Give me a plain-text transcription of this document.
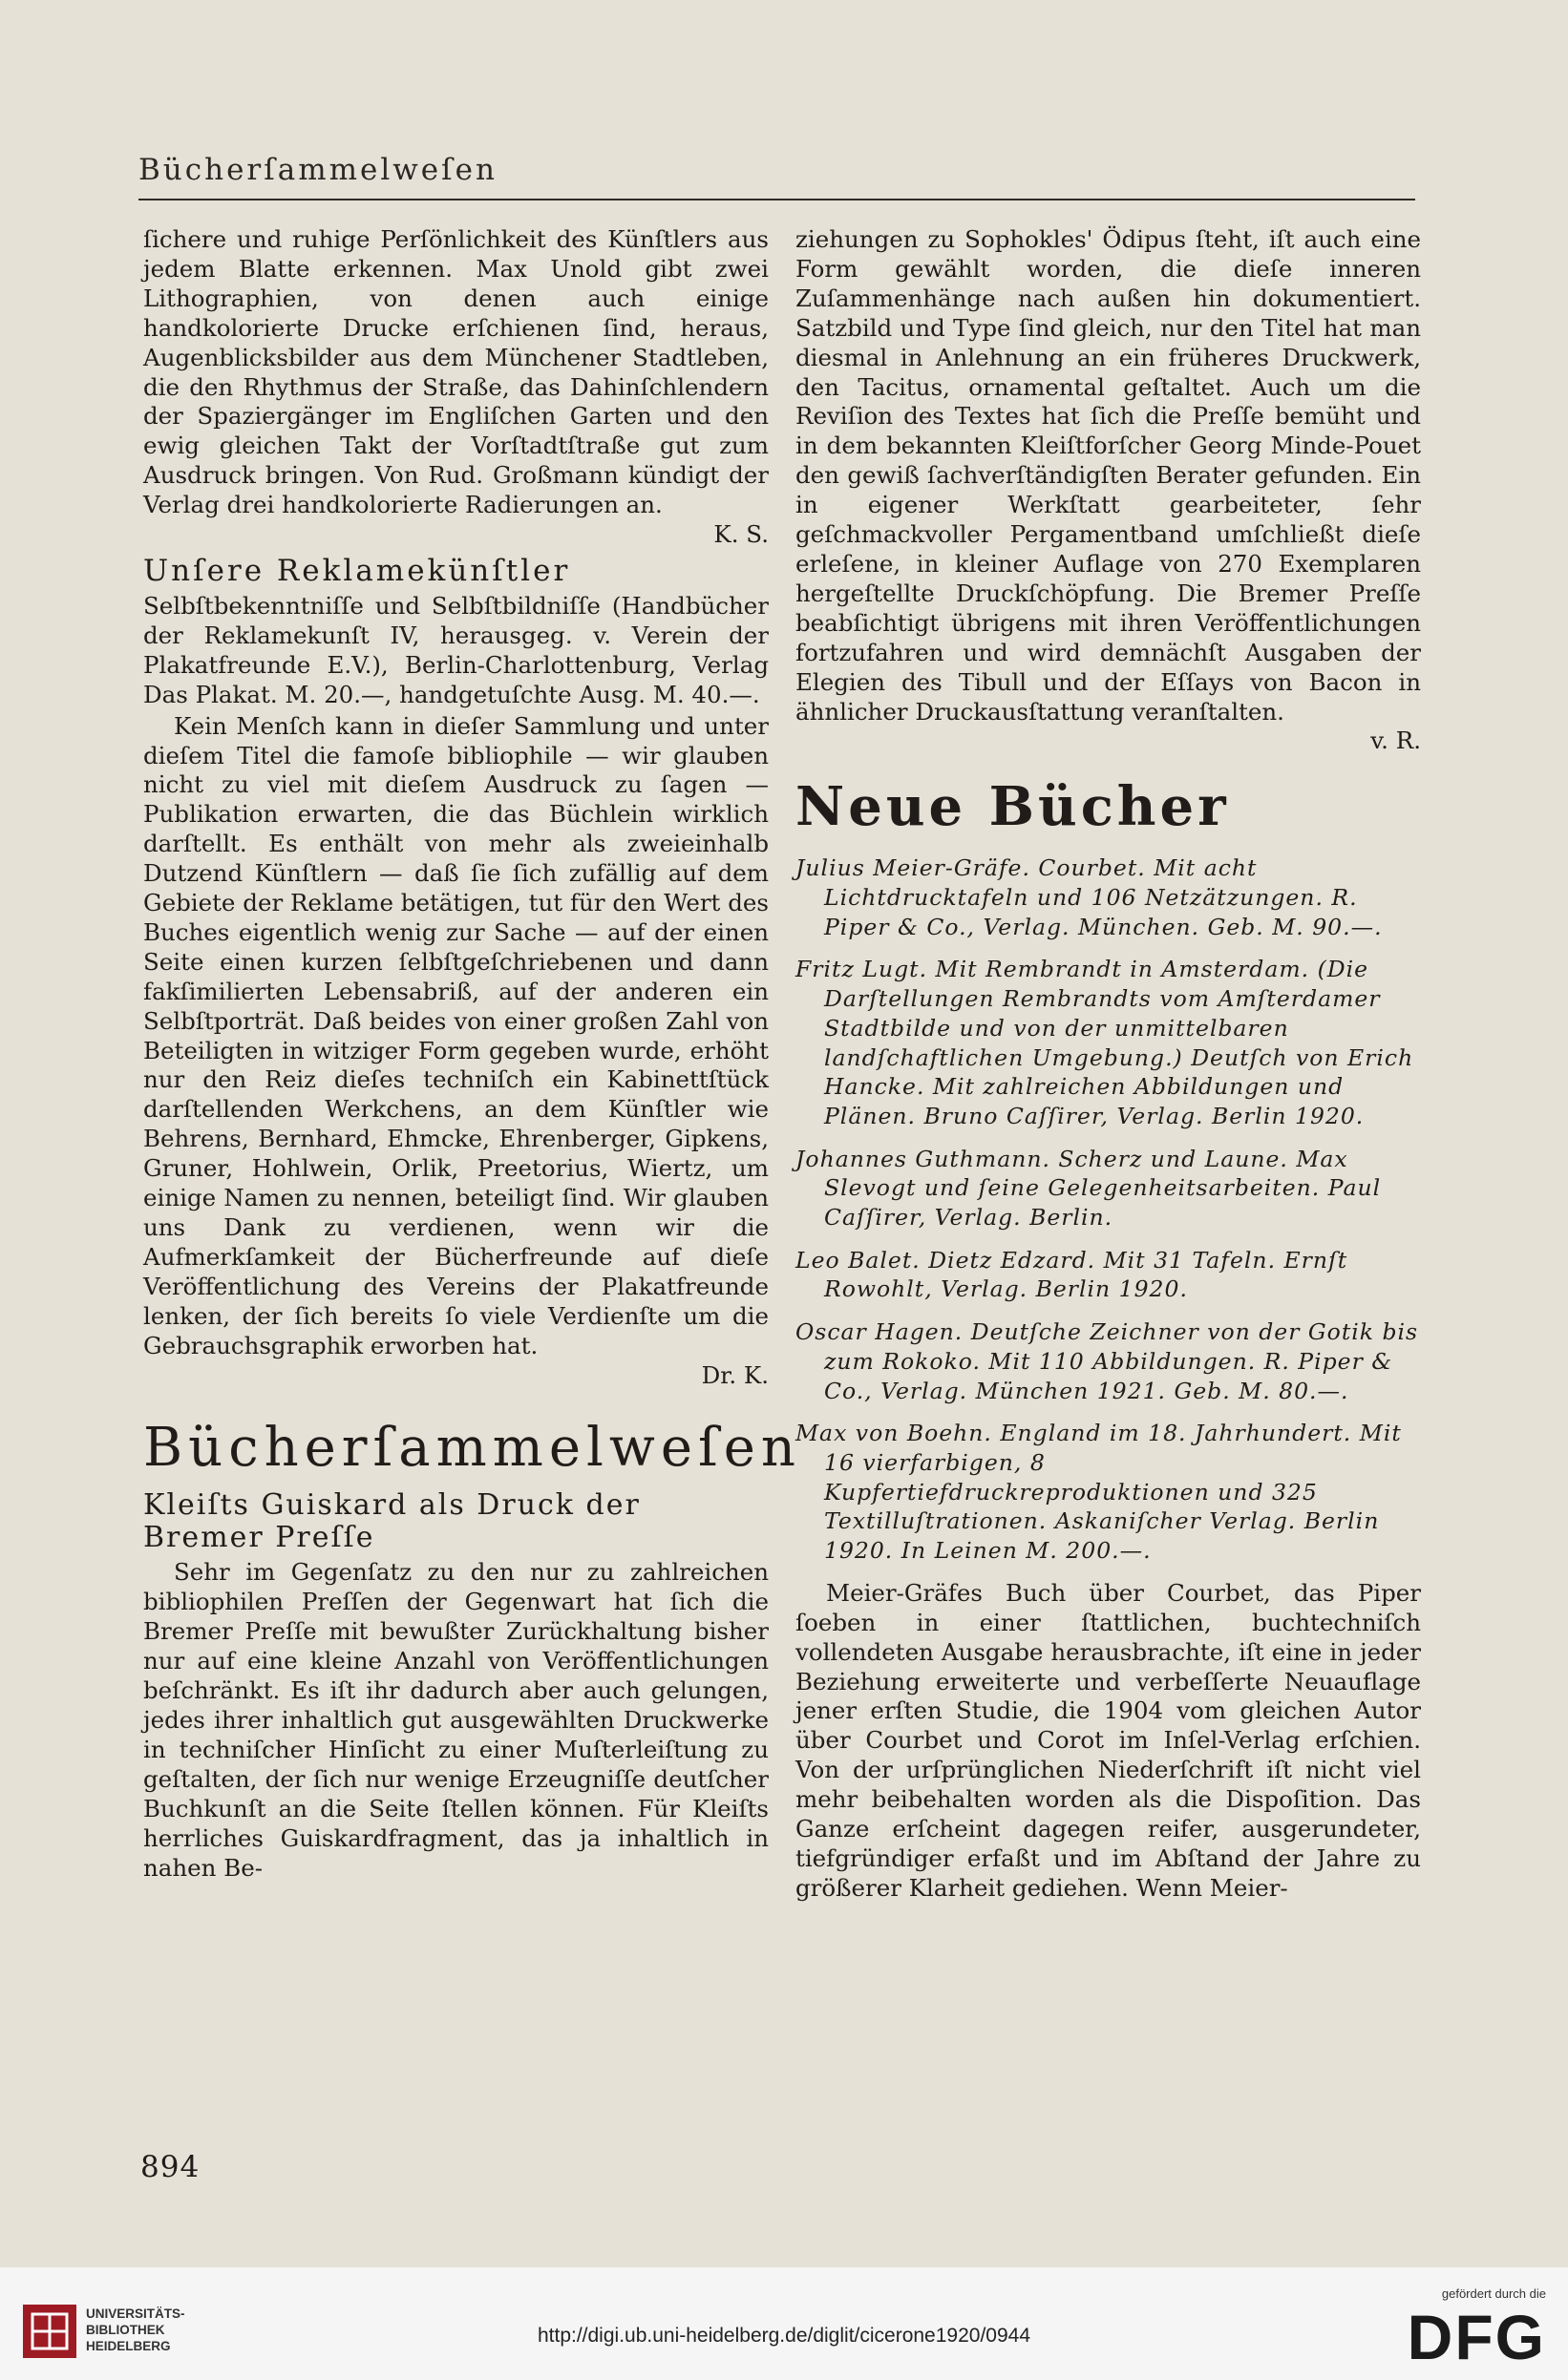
Bücherſammelweſen

ſichere und ruhige Perſönlichkeit des Künſtlers aus jedem Blatte erkennen. Max Unold gibt zwei Lithographien, von denen auch einige handkolorierte Drucke erſchienen ſind, heraus, Augenblicksbilder aus dem Münchener Stadtleben, die den Rhythmus der Straße, das Dahinſchlendern der Spaziergänger im Engliſchen Garten und den ewig gleichen Takt der Vorſtadtſtraße gut zum Ausdruck bringen. Von Rud. Großmann kündigt der Verlag drei handkolorierte Radierungen an.
K. S.

Unſere Reklamekünſtler

Selbſtbekenntniſſe und Selbſtbildniſſe (Handbücher der Reklamekunſt IV, herausgeg. v. Verein der Plakatfreunde E.V.), Berlin-Charlottenburg, Verlag Das Plakat. M. 20.—, handgetuſchte Ausg. M. 40.—.

Kein Menſch kann in dieſer Sammlung und unter dieſem Titel die famoſe bibliophile — wir glauben nicht zu viel mit dieſem Ausdruck zu ſagen — Publikation erwarten, die das Büchlein wirklich darſtellt. Es enthält von mehr als zweieinhalb Dutzend Künſtlern — daß ſie ſich zufällig auf dem Gebiete der Reklame betätigen, tut für den Wert des Buches eigentlich wenig zur Sache — auf der einen Seite einen kurzen ſelbſtgeſchriebenen und dann fakſimilierten Lebensabriß, auf der anderen ein Selbſtporträt. Daß beides von einer großen Zahl von Beteiligten in witziger Form gegeben wurde, erhöht nur den Reiz dieſes techniſch ein Kabinettſtück darſtellenden Werkchens, an dem Künſtler wie Behrens, Bernhard, Ehmcke, Ehrenberger, Gipkens, Gruner, Hohlwein, Orlik, Preetorius, Wiertz, um einige Namen zu nennen, beteiligt ſind. Wir glauben uns Dank zu verdienen, wenn wir die Aufmerkſamkeit der Bücherfreunde auf dieſe Veröffentlichung des Vereins der Plakatfreunde lenken, der ſich bereits ſo viele Verdienſte um die Gebrauchsgraphik erworben hat.
Dr. K.

Bücherſammelweſen
Kleiſts Guiskard als Druck der Bremer Preſſe

Sehr im Gegenſatz zu den nur zu zahlreichen bibliophilen Preſſen der Gegenwart hat ſich die Bremer Preſſe mit bewußter Zurückhaltung bisher nur auf eine kleine Anzahl von Veröffentlichungen beſchränkt. Es iſt ihr dadurch aber auch gelungen, jedes ihrer inhaltlich gut ausgewählten Druckwerke in techniſcher Hinſicht zu einer Muſterleiſtung zu geſtalten, der ſich nur wenige Erzeugniſſe deutſcher Buchkunſt an die Seite ſtellen können. Für Kleiſts herrliches Guiskardfragment, das ja inhaltlich in nahen Be-

ziehungen zu Sophokles' Ödipus ſteht, iſt auch eine Form gewählt worden, die dieſe inneren Zuſammenhänge nach außen hin dokumentiert. Satzbild und Type ſind gleich, nur den Titel hat man diesmal in Anlehnung an ein früheres Druckwerk, den Tacitus, ornamental geſtaltet. Auch um die Reviſion des Textes hat ſich die Preſſe bemüht und in dem bekannten Kleiſtforſcher Georg Minde-Pouet den gewiß ſachverſtändigſten Berater gefunden. Ein in eigener Werkſtatt gearbeiteter, ſehr geſchmackvoller Pergamentband umſchließt dieſe erleſene, in kleiner Auflage von 270 Exemplaren hergeſtellte Druckſchöpfung. Die Bremer Preſſe beabſichtigt übrigens mit ihren Veröffentlichungen fortzufahren und wird demnächſt Ausgaben der Elegien des Tibull und der Eſſays von Bacon in ähnlicher Druckausſtattung veranſtalten.
v. R.

Neue Bücher

Julius Meier-Gräfe. Courbet. Mit acht Lichtdrucktafeln und 106 Netzätzungen. R. Piper & Co., Verlag. München. Geb. M. 90.—.

Fritz Lugt. Mit Rembrandt in Amsterdam. (Die Darſtellungen Rembrandts vom Amſterdamer Stadtbilde und von der unmittelbaren landſchaftlichen Umgebung.) Deutſch von Erich Hancke. Mit zahlreichen Abbildungen und Plänen. Bruno Caſſirer, Verlag. Berlin 1920.

Johannes Guthmann. Scherz und Laune. Max Slevogt und ſeine Gelegenheitsarbeiten. Paul Caſſirer, Verlag. Berlin.

Leo Balet. Dietz Edzard. Mit 31 Tafeln. Ernſt Rowohlt, Verlag. Berlin 1920.

Oscar Hagen. Deutſche Zeichner von der Gotik bis zum Rokoko. Mit 110 Abbildungen. R. Piper & Co., Verlag. München 1921. Geb. M. 80.—.

Max von Boehn. England im 18. Jahrhundert. Mit 16 vierfarbigen, 8 Kupfertiefdruckreproduktionen und 325 Textilluſtrationen. Askaniſcher Verlag. Berlin 1920. In Leinen M. 200.—.

Meier-Gräfes Buch über Courbet, das Piper ſoeben in einer ſtattlichen, buchtechniſch vollendeten Ausgabe herausbrachte, iſt eine in jeder Beziehung erweiterte und verbeſſerte Neuauflage jener erſten Studie, die 1904 vom gleichen Autor über Courbet und Corot im Inſel-Verlag erſchien. Von der urſprünglichen Niederſchrift iſt nicht viel mehr beibehalten worden als die Dispoſition. Das Ganze erſcheint dagegen reifer, ausgerundeter, tiefgründiger erfaßt und im Abſtand der Jahre zu größerer Klarheit gediehen. Wenn Meier-

894
UNIVERSITÄTS-
BIBLIOTHEK
HEIDELBERG	http://digi.ub.uni-heidelberg.de/diglit/cicerone1920/0944
gefördert durch die
DFG
